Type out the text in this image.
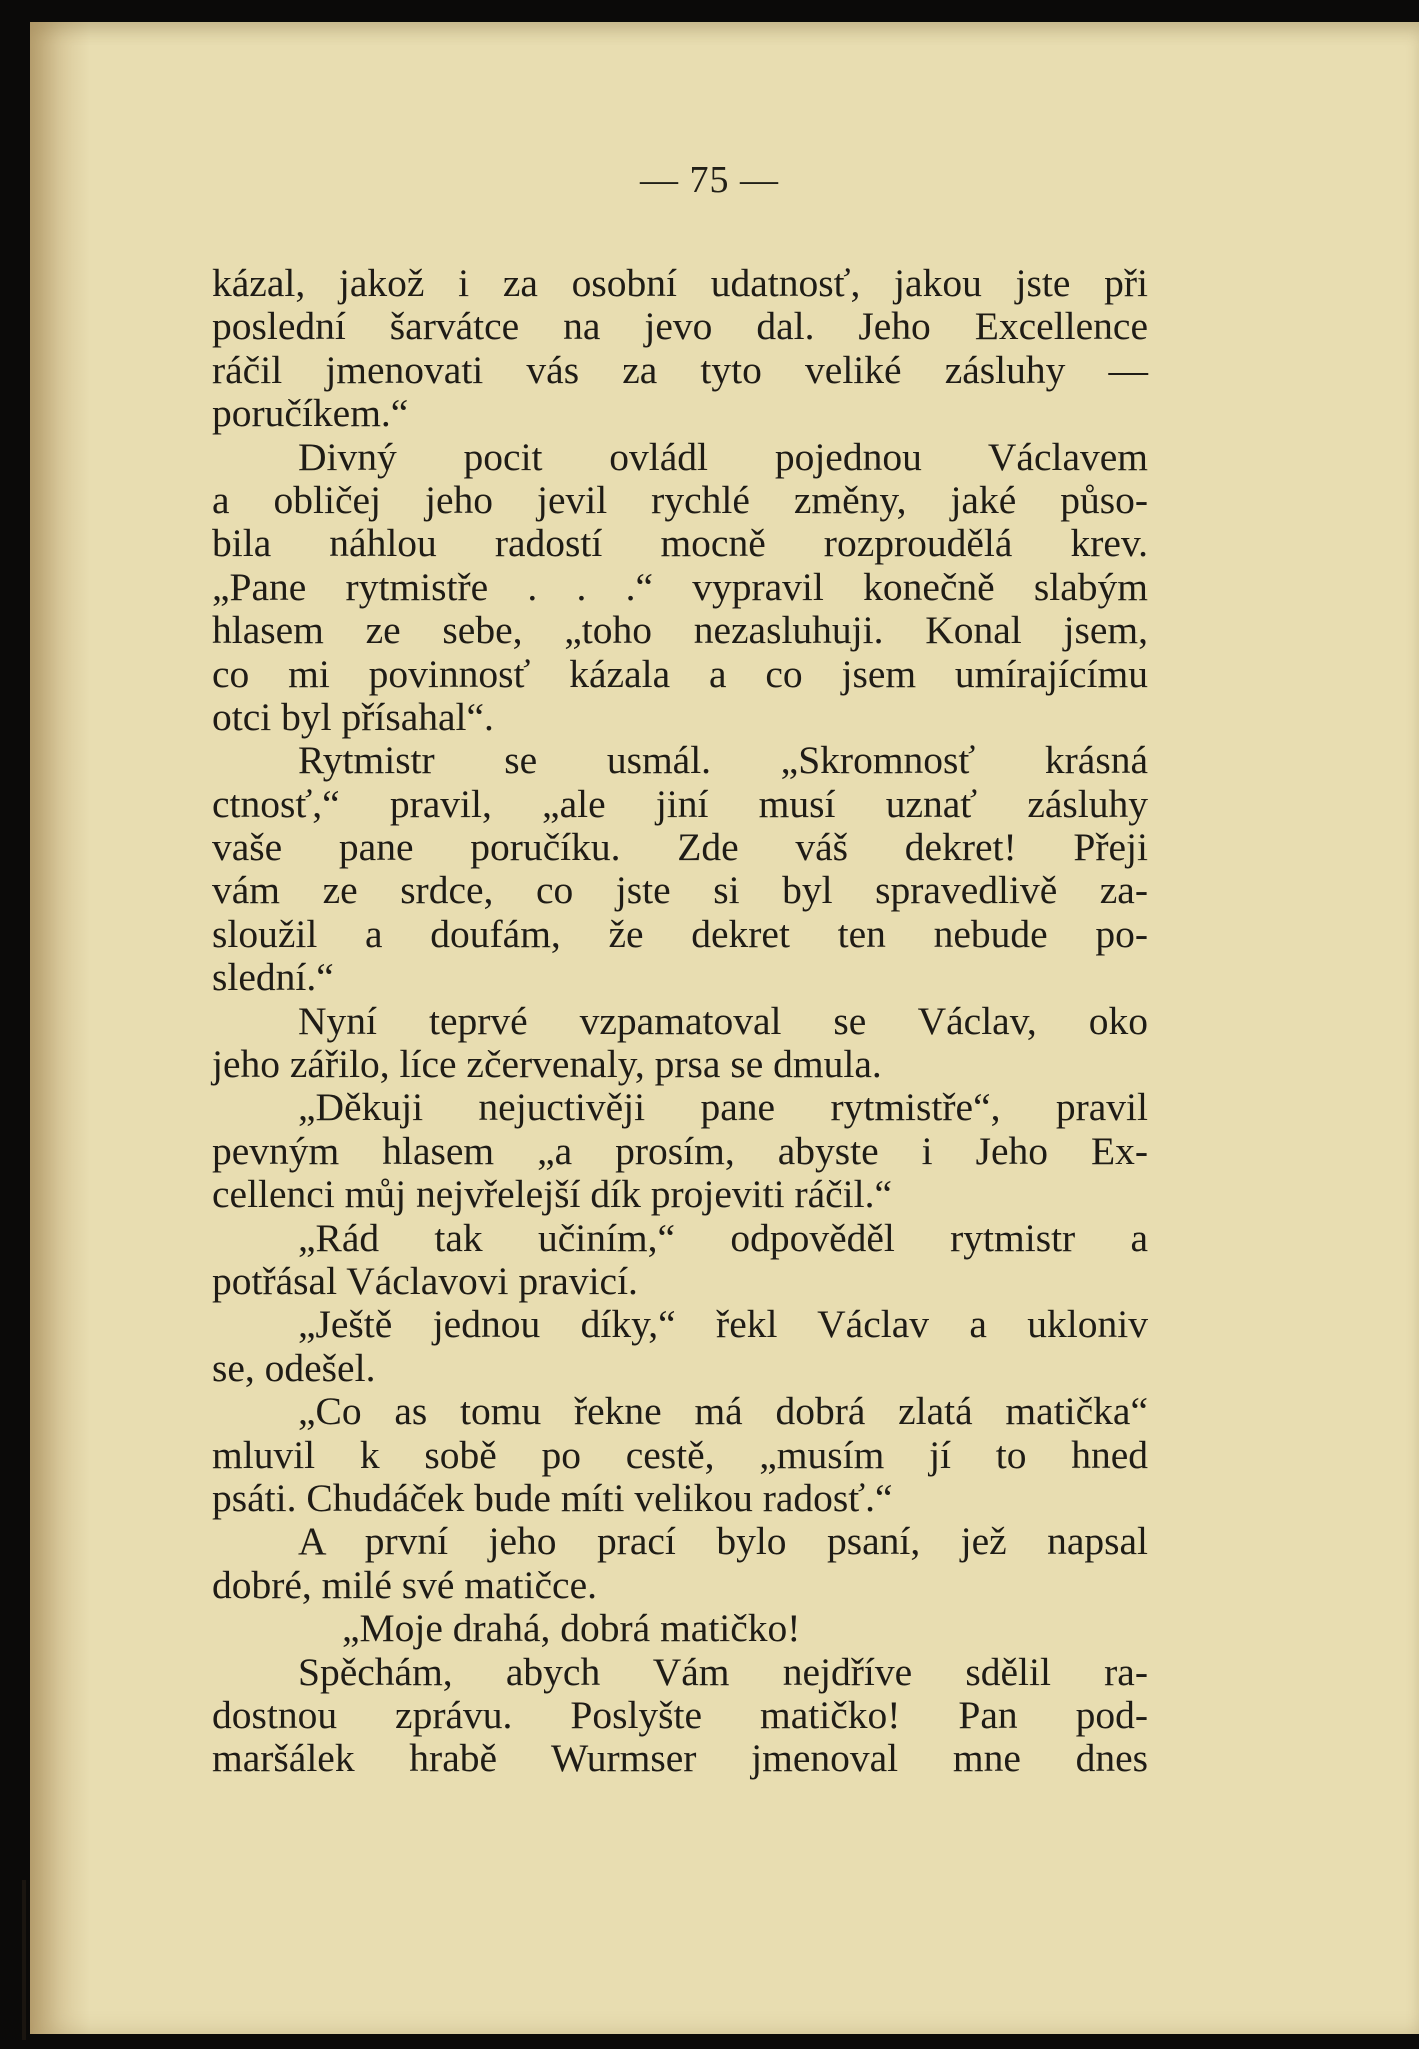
— 75 —
kázal, jakož i za osobní udatnosť, jakou jste při
poslední šarvátce na jevo dal. Jeho Excellence
ráčil jmenovati vás za tyto veliké zásluhy —
poručíkem.“
Divný pocit ovládl pojednou Václavem
a obličej jeho jevil rychlé změny, jaké půso-
bila náhlou radostí mocně rozproudělá krev.
„Pane rytmistře . . .“ vypravil konečně slabým
hlasem ze sebe, „toho nezasluhuji. Konal jsem,
co mi povinnosť kázala a co jsem umírajícímu
otci byl přísahal“.
Rytmistr se usmál. „Skromnosť krásná
ctnosť,“ pravil, „ale jiní musí uznať zásluhy
vaše pane poručíku. Zde váš dekret! Přeji
vám ze srdce, co jste si byl spravedlivě za-
sloužil a doufám, že dekret ten nebude po-
slední.“
Nyní teprvé vzpamatoval se Václav, oko
jeho zářilo, líce zčervenaly, prsa se dmula.
„Děkuji nejuctivěji pane rytmistře“, pravil
pevným hlasem „a prosím, abyste i Jeho Ex-
cellenci můj nejvřelejší dík projeviti ráčil.“
„Rád tak učiním,“ odpověděl rytmistr a
potřásal Václavovi pravicí.
„Ještě jednou díky,“ řekl Václav a ukloniv
se, odešel.
„Co as tomu řekne má dobrá zlatá matička“
mluvil k sobě po cestě, „musím jí to hned
psáti. Chudáček bude míti velikou radosť.“
A první jeho prací bylo psaní, jež napsal
dobré, milé své matičce.
„Moje drahá, dobrá matičko!
Spěchám, abych Vám nejdříve sdělil ra-
dostnou zprávu. Poslyšte matičko! Pan pod-
maršálek hrabě Wurmser jmenoval mne dnes
